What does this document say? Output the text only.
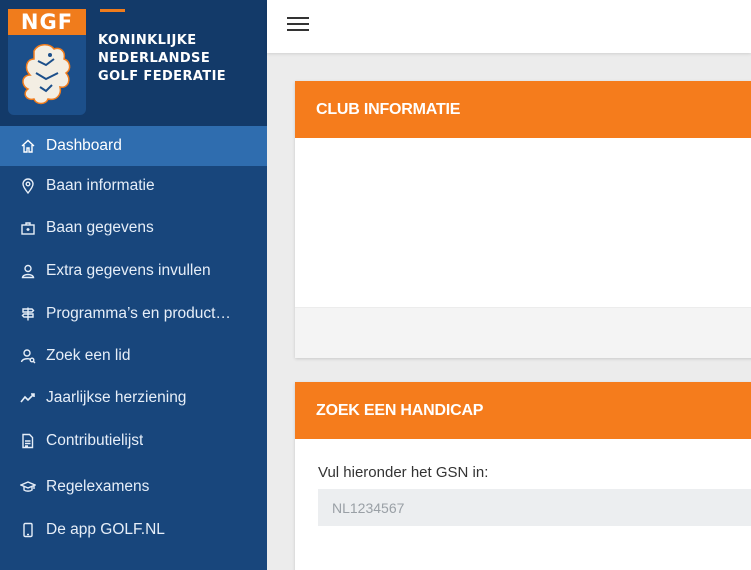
NGF
KONINKLIJKE
NEDERLANDSE
GOLF FEDERATIE
Dashboard
Baan informatie
Baan gegevens
Extra gegevens invullen
Programma’s en product…
Zoek een lid
Jaarlijkse herziening
Contributielijst
Regelexamens
De app GOLF.NL
CLUB INFORMATIE
ZOEK EEN HANDICAP
Vul hieronder het GSN in:
NL1234567
